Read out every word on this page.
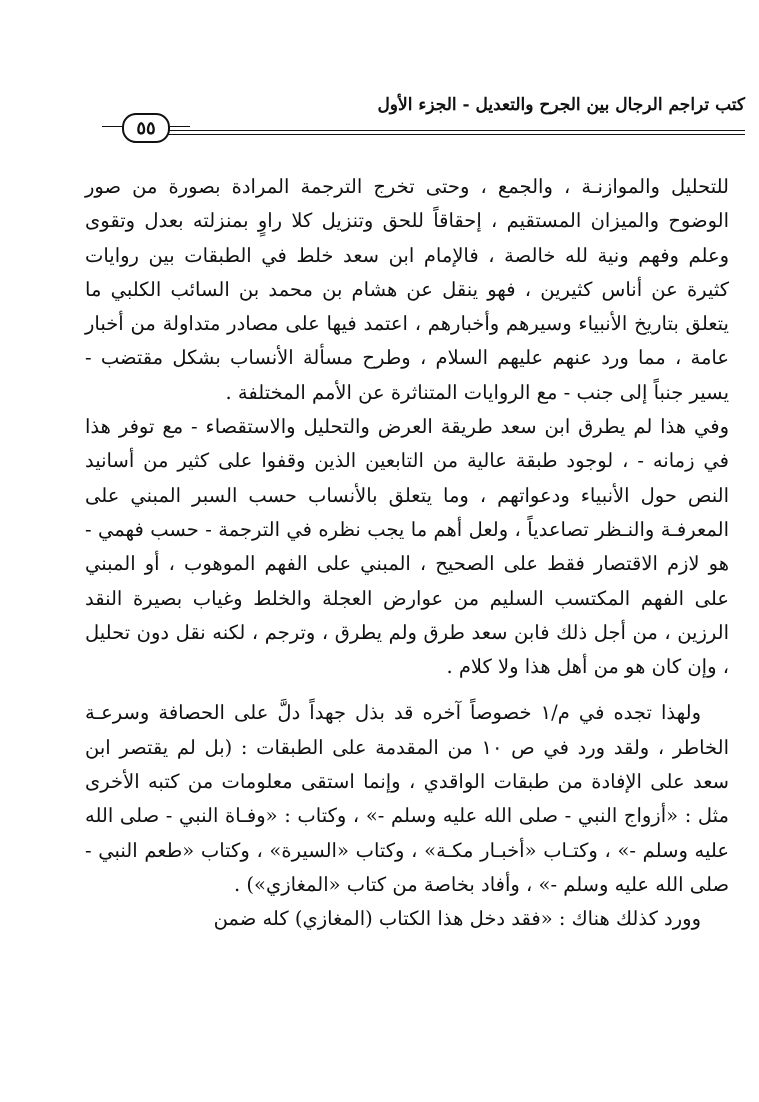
كتب تراجم الرجال بين الجرح والتعديل - الجزء الأول
٥٥

للتحليل والموازنـة ، والجمع ، وحتى تخرج الترجمة المرادة بصورة من صور الوضوح والميزان المستقيم ، إحقاقاً للحق وتنزيل كلا راوٍ بمنزلته بعدل وتقوى وعلم وفهم ونية لله خالصة ، فالإمام ابن سعد خلط في الطبقات بين روايات كثيرة عن أناس كثيرين ، فهو ينقل عن هشام بن محمد بن السائب الكلبي ما يتعلق بتاريخ الأنبياء وسيرهم وأخبارهم ، اعتمد فيها على مصادر متداولة من أخبار عامة ، مما ورد عنهم عليهم السلام ، وطرح مسألة الأنساب بشكل مقتضب - يسير جنباً إلى جنب - مع الروايات المتناثرة عن الأمم المختلفة .

وفي هذا لم يطرق ابن سعد طريقة العرض والتحليل والاستقصاء - مع توفر هذا في زمانه - ، لوجود طبقة عالية من التابعين الذين وقفوا على كثير من أسانيد النص حول الأنبياء ودعواتهم ، وما يتعلق بالأنساب حسب السبر المبني على المعرفـة والنـظر تصاعدياً ، ولعل أهم ما يجب نظره في الترجمة - حسب فهمي - هو لازم الاقتصار فقط على الصحيح ، المبني على الفهم الموهوب ، أو المبني على الفهم المكتسب السليم من عوارض العجلة والخلط وغياب بصيرة النقد الرزين ، من أجل ذلك فابن سعد طرق ولم يطرق ، وترجم ، لكنه نقل دون تحليل ، وإن كان هو من أهل هذا ولا كلام .

ولهذا تجده في م/١ خصوصاً آخره قد بذل جهداً دلَّ على الحصافة وسرعـة الخاطر ، ولقد ورد في ص ١٠ من المقدمة على الطبقات : (بل لم يقتصر ابن سعد على الإفادة من طبقات الواقدي ، وإنما استقى معلومات من كتبه الأخرى مثل : «أزواج النبي - صلى الله عليه وسلم -» ، وكتاب : «وفـاة النبي - صلى الله عليه وسلم -» ، وكتـاب «أخبـار مكـة» ، وكتاب «السيرة» ، وكتاب «طعم النبي - صلى الله عليه وسلم -» ، وأفاد بخاصة من كتاب «المغازي») .

وورد كذلك هناك : «فقد دخل هذا الكتاب (المغازي) كله ضمن
